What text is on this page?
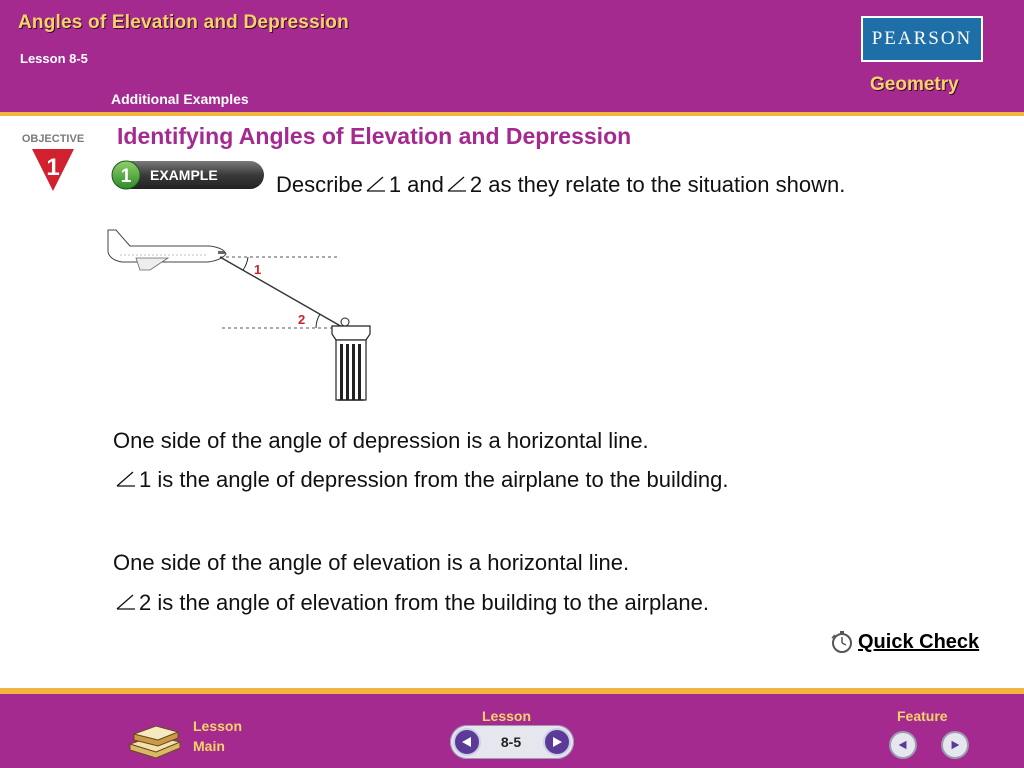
Angles of Elevation and Depression
Lesson 8-5
Additional Examples
PEARSON
Geometry
OBJECTIVE
1
Identifying Angles of Elevation and Depression
1 EXAMPLE	Describe 1 and 2 as they relate to the situation shown.
1
2
One side of the angle of depression is a horizontal line.
1 is the angle of depression from the airplane to the building.
One side of the angle of elevation is a horizontal line.
2 is the angle of elevation from the building to the airplane.
Quick Check
Lesson
Main
Lesson
8-5
Feature
